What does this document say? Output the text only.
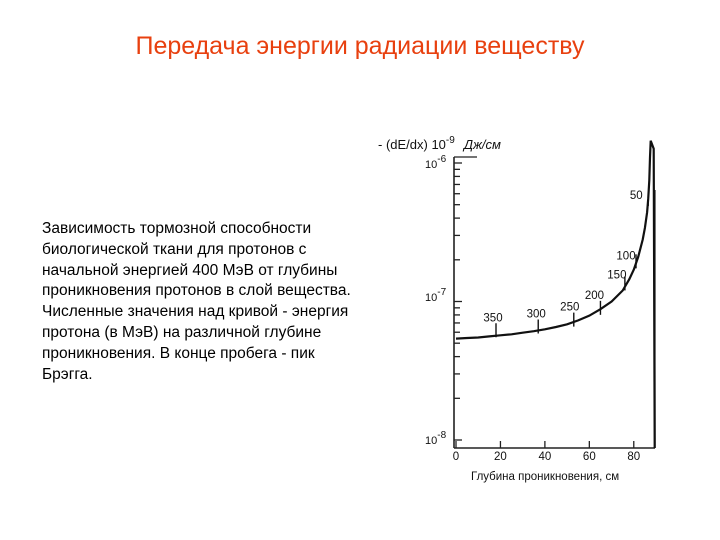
Передача энергии радиации веществу
Зависимость тормозной способности
биологической ткани для протонов с
начальной энергией 400 МэВ от глубины
проникновения протонов в слой вещества.
Численные значения над кривой - энергия
протона (в МэВ) на различной глубине
проникновения. В конце пробега - пик
Брэгга.
- (dE/dx) $10^{-9}$ Дж/см
10-6
10-7
10-8
0	20	40	60	80
Глубина проникновения, см
350 300
250
200
150
100
50
